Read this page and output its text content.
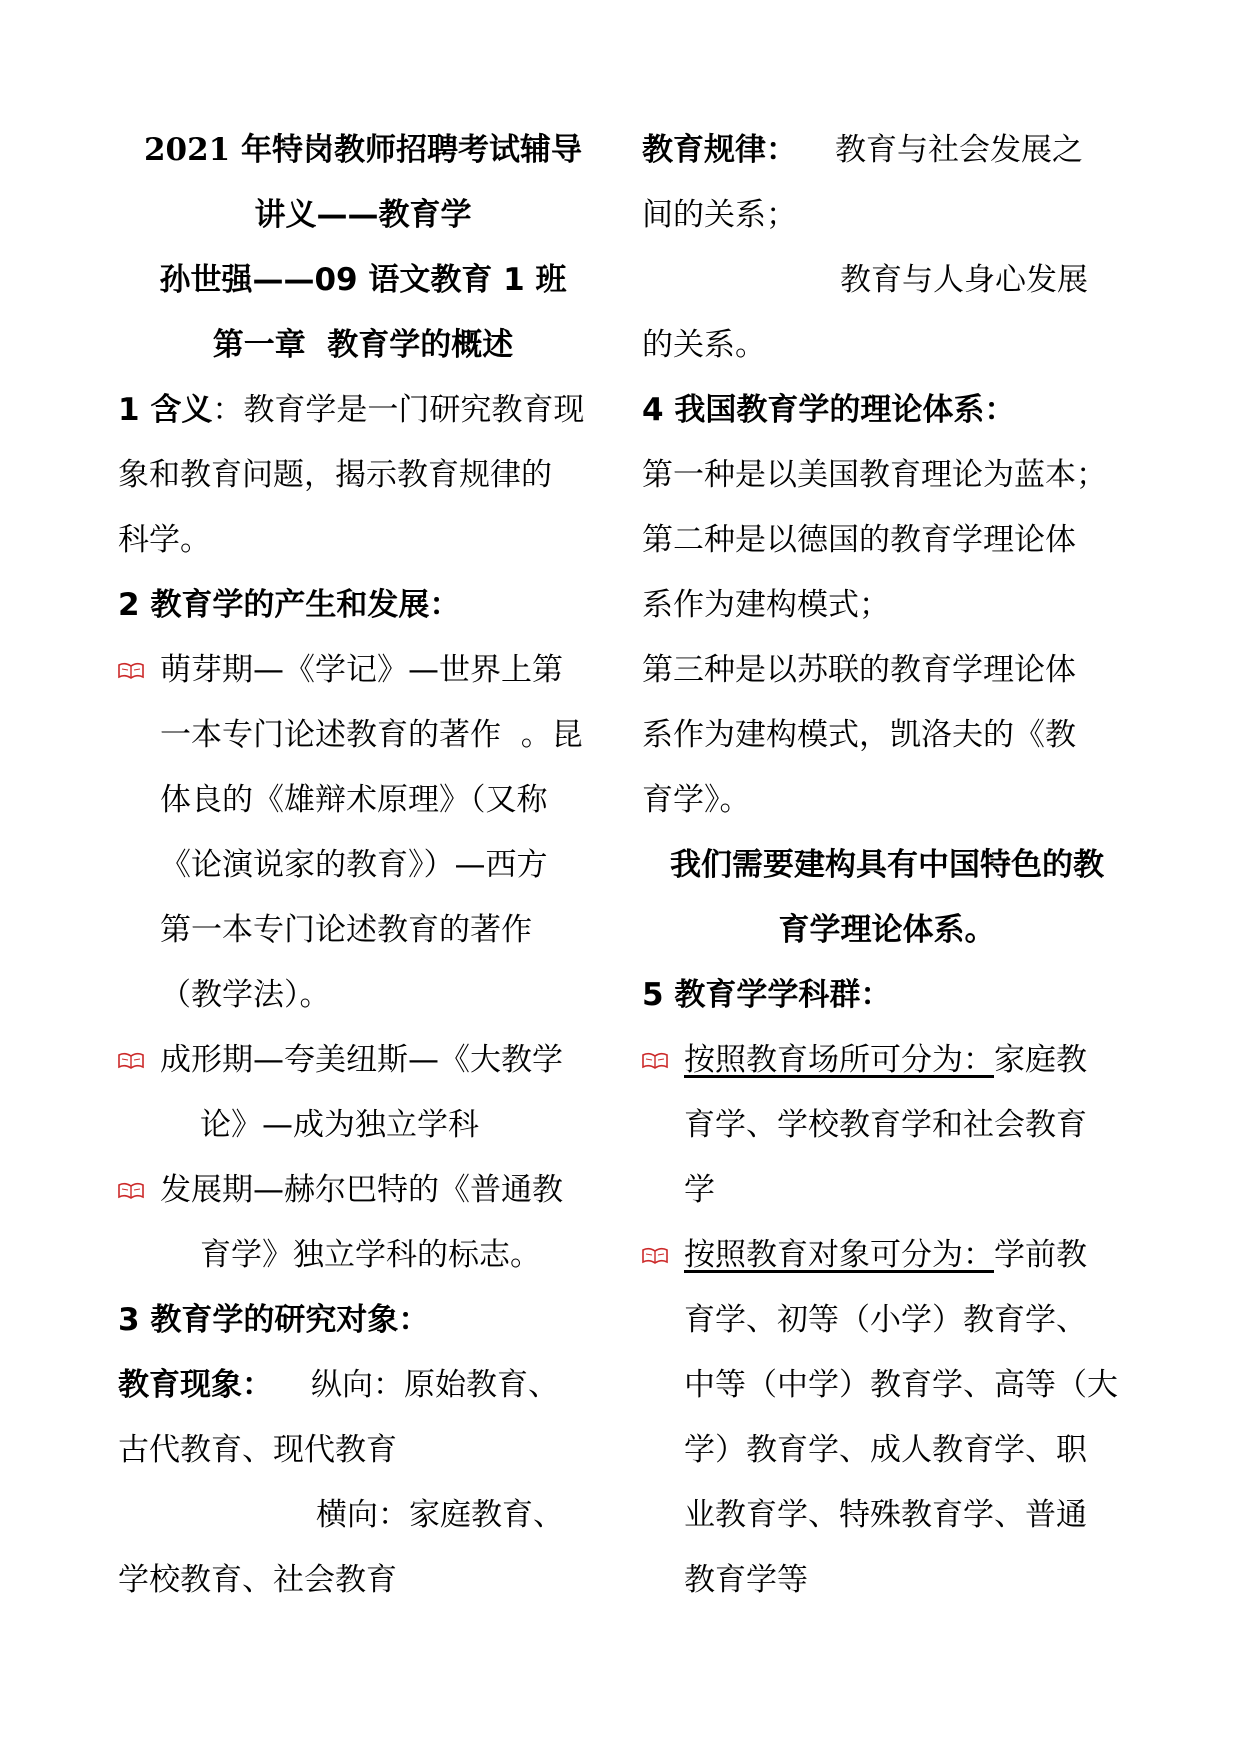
2021 年特岗教师招聘考试辅导
讲义——教育学
孙世强——09 语文教育 1 班
第一章  教育学的概述
1 含义：教育学是一门研究教育现
象和教育问题，揭示教育规律的
科学。
2 教育学的产生和发展：
萌芽期—《学记》—世界上第
一本专门论述教育的著作  。昆
体良的《雄辩术原理》（又称
《论演说家的教育》）—西方
第一本专门论述教育的著作
（教学法）。
成形期—夸美纽斯—《大教学
论》—成为独立学科
发展期—赫尔巴特的《普通教
育学》独立学科的标志。
3 教育学的研究对象：
教育现象： 纵向：原始教育、
古代教育、现代教育
横向：家庭教育、
学校教育、社会教育
教育规律： 教育与社会发展之
间的关系；
教育与人身心发展
的关系。
4 我国教育学的理论体系：
第一种是以美国教育理论为蓝本；
第二种是以德国的教育学理论体
系作为建构模式；
第三种是以苏联的教育学理论体
系作为建构模式，凯洛夫的《教
育学》。
我们需要建构具有中国特色的教
育学理论体系。
5 教育学学科群：
按照教育场所可分为：家庭教
育学、学校教育学和社会教育
学
按照教育对象可分为：学前教
育学、初等（小学）教育学、
中等（中学）教育学、高等（大
学）教育学、成人教育学、职
业教育学、特殊教育学、普通
教育学等
